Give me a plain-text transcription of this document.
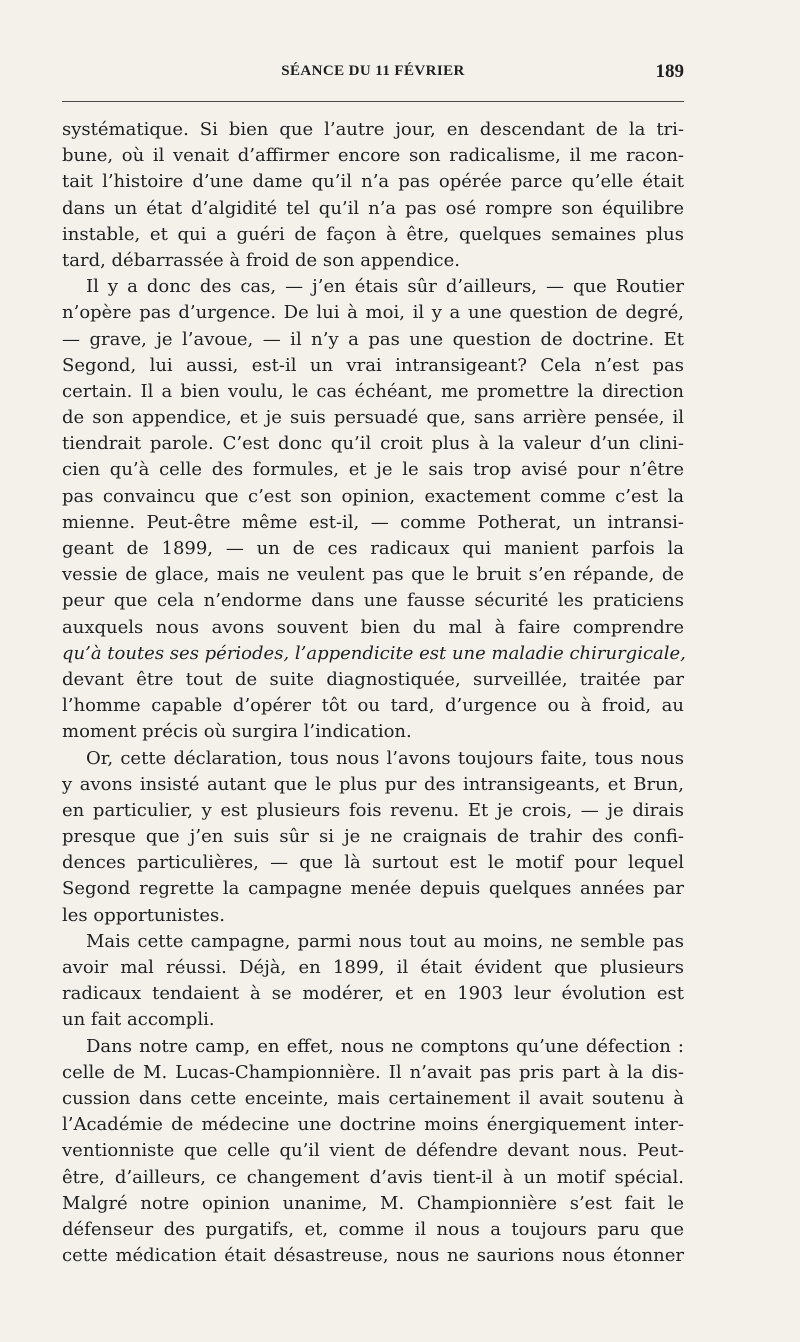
SÉANCE DU 11 FÉVRIER	189
systématique. Si bien que l’autre jour, en descendant de la tri-
bune, où il venait d’affirmer encore son radicalisme, il me racon-
tait l’histoire d’une dame qu’il n’a pas opérée parce qu’elle était
dans un état d’algidité tel qu’il n’a pas osé rompre son équilibre
instable, et qui a guéri de façon à être, quelques semaines plus
tard, débarrassée à froid de son appendice.
Il y a donc des cas, — j’en étais sûr d’ailleurs, — que Routier
n’opère pas d’urgence. De lui à moi, il y a une question de degré,
— grave, je l’avoue, — il n’y a pas une question de doctrine. Et
Segond, lui aussi, est-il un vrai intransigeant? Cela n’est pas
certain. Il a bien voulu, le cas échéant, me promettre la direction
de son appendice, et je suis persuadé que, sans arrière pensée, il
tiendrait parole. C’est donc qu’il croit plus à la valeur d’un clini-
cien qu’à celle des formules, et je le sais trop avisé pour n’être
pas convaincu que c’est son opinion, exactement comme c’est la
mienne. Peut-être même est-il, — comme Potherat, un intransi-
geant de 1899, — un de ces radicaux qui manient parfois la
vessie de glace, mais ne veulent pas que le bruit s’en répande, de
peur que cela n’endorme dans une fausse sécurité les praticiens
auxquels nous avons souvent bien du mal à faire comprendre
qu’à toutes ses périodes, l’appendicite est une maladie chirurgicale,
devant être tout de suite diagnostiquée, surveillée, traitée par
l’homme capable d’opérer tôt ou tard, d’urgence ou à froid, au
moment précis où surgira l’indication.
Or, cette déclaration, tous nous l’avons toujours faite, tous nous
y avons insisté autant que le plus pur des intransigeants, et Brun,
en particulier, y est plusieurs fois revenu. Et je crois, — je dirais
presque que j’en suis sûr si je ne craignais de trahir des confi-
dences particulières, — que là surtout est le motif pour lequel
Segond regrette la campagne menée depuis quelques années par
les opportunistes.
Mais cette campagne, parmi nous tout au moins, ne semble pas
avoir mal réussi. Déjà, en 1899, il était évident que plusieurs
radicaux tendaient à se modérer, et en 1903 leur évolution est
un fait accompli.
Dans notre camp, en effet, nous ne comptons qu’une défection :
celle de M. Lucas-Championnière. Il n’avait pas pris part à la dis-
cussion dans cette enceinte, mais certainement il avait soutenu à
l’Académie de médecine une doctrine moins énergiquement inter-
ventionniste que celle qu’il vient de défendre devant nous. Peut-
être, d’ailleurs, ce changement d’avis tient-il à un motif spécial.
Malgré notre opinion unanime, M. Championnière s’est fait le
défenseur des purgatifs, et, comme il nous a toujours paru que
cette médication était désastreuse, nous ne saurions nous étonner
